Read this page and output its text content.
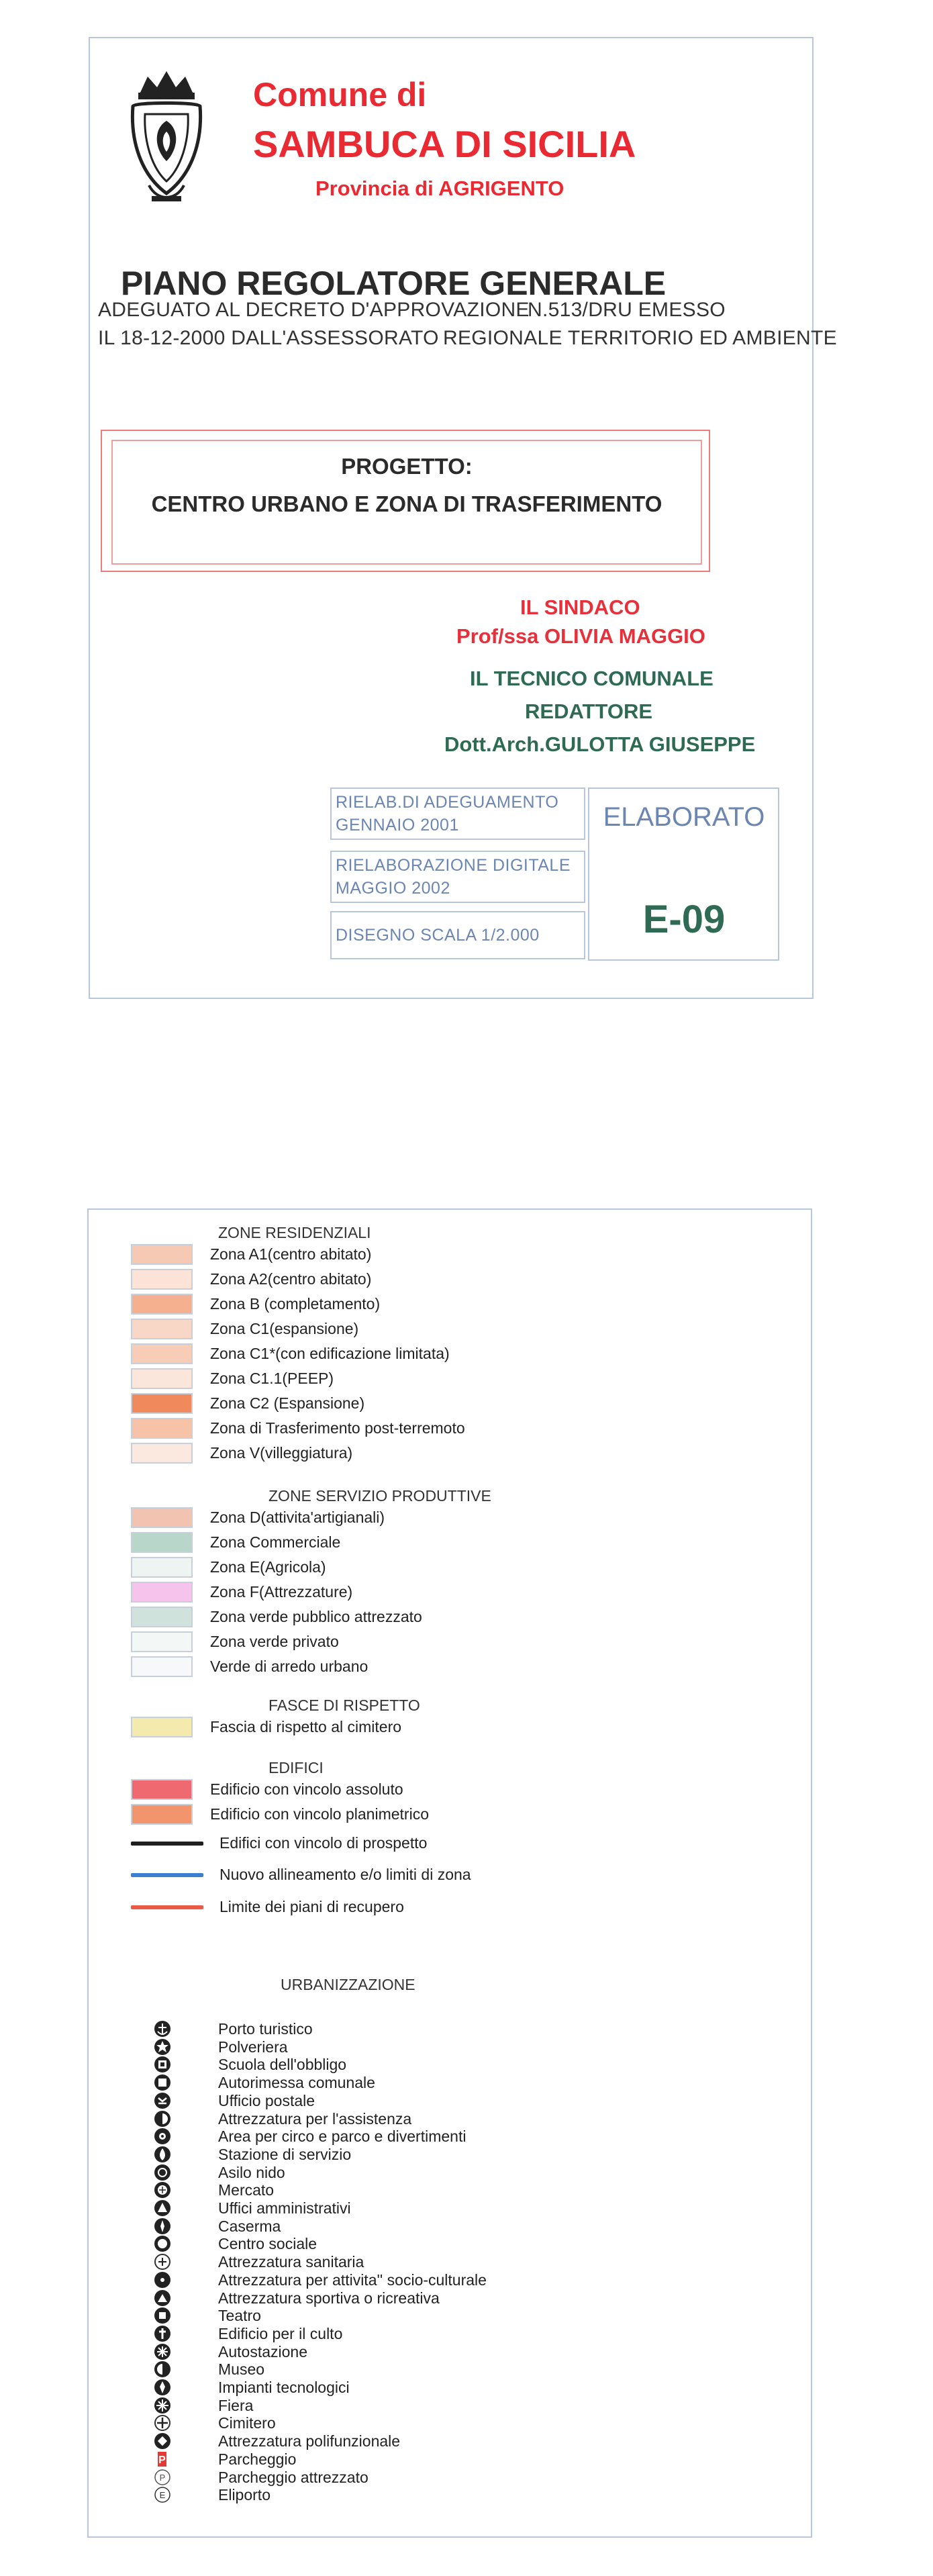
Comune di
SAMBUCA DI SICILIA
Provincia di AGRIGENTO
PIANO REGOLATORE GENERALE
ADEGUATO AL DECRETO D'APPROVAZIONE
N.513/DRU EMESSO
IL 18-12-2000 DALL'ASSESSORATO REGIONALE TERRITORIO ED AMBIENTE
PROGETTO:
CENTRO URBANO E ZONA DI TRASFERIMENTO
IL SINDACO
Prof/ssa OLIVIA MAGGIO
IL TECNICO COMUNALE
REDATTORE
Dott.Arch.GULOTTA GIUSEPPE
RIELAB.DI ADEGUAMENTO
GENNAIO 2001
RIELABORAZIONE DIGITALE
MAGGIO 2002
DISEGNO SCALA 1/2.000
ELABORATO
E-09
ZONE RESIDENZIALI
Zona A1(centro abitato)
Zona A2(centro abitato)
Zona B (completamento)
Zona C1(espansione)
Zona C1*(con edificazione limitata)
Zona C1.1(PEEP)
Zona C2 (Espansione)
Zona di Trasferimento post-terremoto
Zona V(villeggiatura)
ZONE SERVIZIO PRODUTTIVE
Zona D(attivita'artigianali)
Zona Commerciale
Zona E(Agricola)
Zona F(Attrezzature)
Zona verde pubblico attrezzato
Zona verde privato
Verde di arredo urbano
FASCE DI RISPETTO
Fascia di rispetto al cimitero
EDIFICI
Edificio con vincolo assoluto
Edificio con vincolo planimetrico
Edifici con vincolo di prospetto
Nuovo allineamento e/o limiti di zona
Limite dei piani di recupero
URBANIZZAZIONE
Porto turistico
Polveriera
Scuola dell'obbligo
Autorimessa comunale
Ufficio postale
Attrezzatura per l'assistenza
Area per circo e parco e divertimenti
Stazione di servizio
Asilo nido
Mercato
Uffici amministrativi
Caserma
Centro sociale
Attrezzatura sanitaria
Attrezzatura per attivita'' socio-culturale
Attrezzatura sportiva o ricreativa
Teatro
Edificio per il culto
Autostazione
Museo
Impianti tecnologici
Fiera
Cimitero
Attrezzatura polifunzionale
P	Parcheggio
P	Parcheggio attrezzato
E	Eliporto
